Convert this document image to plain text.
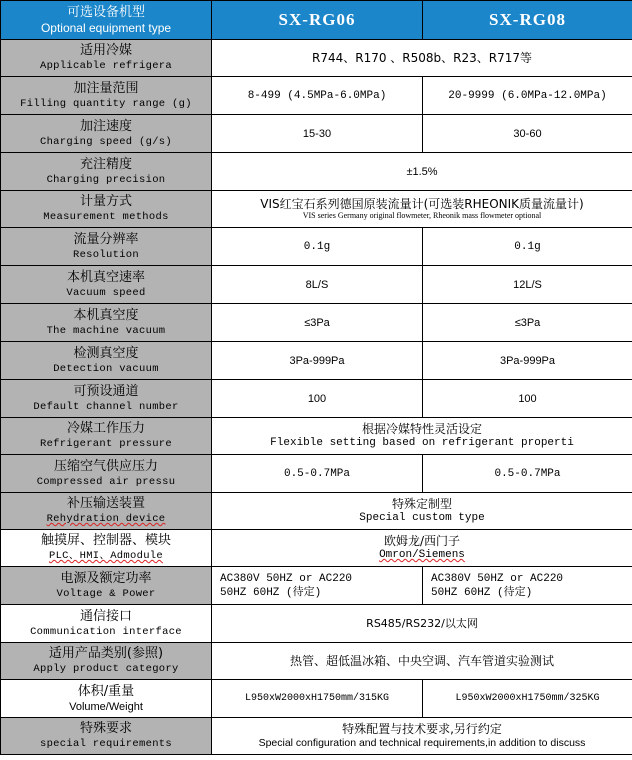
可选设备机型
Optional equipment type	SX-RG06	SX-RG08

适用冷媒
Applicable refrigera	R744、R170 、R508b、R23、R717等	

加注量范围
Filling quantity range (g)	8-499 (4.5MPa-6.0MPa)	20-9999 (6.0MPa-12.0MPa)

加注速度
Charging speed (g/s)	15-30	30-60

充注精度
Charging precision	±1.5%	

计量方式
Measurement methods	VIS红宝石系列德国原装流量计(可选装RHEONIK质量流量计)
VIS series Germany original flowmeter, Rheonik mass flowmeter optional	

流量分辨率
Resolution	0.1g	0.1g

本机真空速率
Vacuum speed	8L/S	12L/S

本机真空度
The machine vacuum	≤3Pa	≤3Pa

检测真空度
Detection vacuum	3Pa-999Pa	3Pa-999Pa

可预设通道
Default channel number	100	100

冷媒工作压力
Refrigerant pressure	根据冷媒特性灵活设定
Flexible setting based on refrigerant properti	

压缩空气供应压力
Compressed air pressu	0.5-0.7MPa	0.5-0.7MPa

补压输送装置
Rehydration device	特殊定制型
Special custom type	

触摸屏、控制器、模块
PLC、HMI、Admodule	欧姆龙/西门子
Omron/Siemens	

电源及额定功率
Voltage & Power	AC380V 50HZ or AC220
50HZ 60HZ (待定)	AC380V 50HZ or AC220
50HZ 60HZ (待定)

通信接口
Communication interface	RS485/RS232/以太网	

适用产品类别(参照)
Apply product category	热管、超低温冰箱、中央空调、汽车管道实验测试	

体积/重量
Volume/Weight	L950xW2000xH1750mm/315KG	L950xW2000xH1750mm/325KG

特殊要求
special requirements	特殊配置与技术要求,另行约定
Special configuration and technical requirements,in addition to discuss	
